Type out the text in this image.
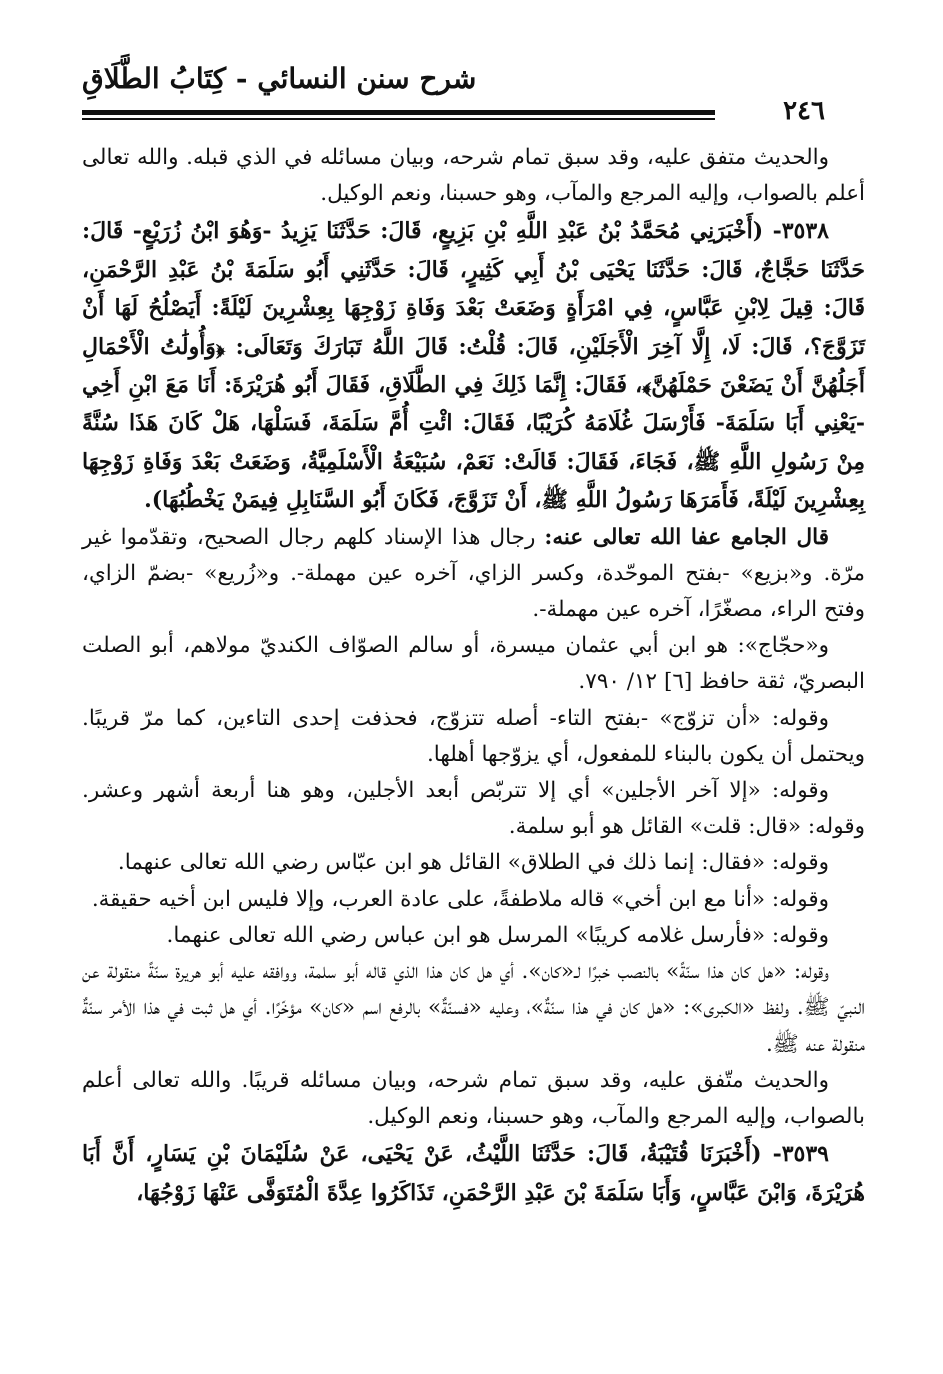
شرح سنن النسائي - كِتَابُ الطَّلَاقِ
٢٤٦

والحديث متفق عليه، وقد سبق تمام شرحه، وبيان مسائله في الذي قبله. والله تعالى أعلم بالصواب، وإليه المرجع والمآب، وهو حسبنا، ونعم الوكيل.

٣٥٣٨- (أَخْبَرَنِي مُحَمَّدُ بْنُ عَبْدِ اللَّهِ بْنِ بَزِيعٍ، قَالَ: حَدَّثَنَا يَزِيدُ -وَهُوَ ابْنُ زُرَيْعٍ- قَالَ: حَدَّثَنَا حَجَّاجٌ، قَالَ: حَدَّثَنَا يَحْيَى بْنُ أَبِي كَثِيرٍ، قَالَ: حَدَّثَنِي أَبُو سَلَمَةَ بْنُ عَبْدِ الرَّحْمَنِ، قَالَ: قِيلَ لِابْنِ عَبَّاسٍ، فِي امْرَأَةٍ وَضَعَتْ بَعْدَ وَفَاةِ زَوْجِهَا بِعِشْرِينَ لَيْلَةً: أَيَصْلُحُ لَهَا أَنْ تَزَوَّجَ؟، قَالَ: لَا، إِلَّا آخِرَ الْأَجَلَيْنِ، قَالَ: قُلْتُ: قَالَ اللَّهُ تَبَارَكَ وَتَعَالَى: ﴿وَأُولَٰتُ الْأَحْمَالِ أَجَلُهُنَّ أَنْ يَضَعْنَ حَمْلَهُنَّ﴾، فَقَالَ: إِنَّمَا ذَلِكَ فِي الطَّلَاقِ، فَقَالَ أَبُو هُرَيْرَةَ: أَنَا مَعَ ابْنِ أَخِي -يَعْنِي أَبَا سَلَمَةَ- فَأَرْسَلَ غُلَامَهُ كُرَيْبًا، فَقَالَ: ائْتِ أُمَّ سَلَمَةَ، فَسَلْهَا، هَلْ كَانَ هَذَا سُنَّةً مِنْ رَسُولِ اللَّهِ ﷺ، فَجَاءَ، فَقَالَ: قَالَتْ: نَعَمْ، سُبَيْعَةُ الْأَسْلَمِيَّةُ، وَضَعَتْ بَعْدَ وَفَاةِ زَوْجِهَا بِعِشْرِينَ لَيْلَةً، فَأَمَرَهَا رَسُولُ اللَّهِ ﷺ، أَنْ تَزَوَّجَ، فَكَانَ أَبُو السَّنَابِلِ فِيمَنْ يَخْطُبُهَا).

قال الجامع عفا الله تعالى عنه: رجال هذا الإسناد كلهم رجال الصحيح، وتقدّموا غير مرّة. و«بزيع» -بفتح الموحّدة، وكسر الزاي، آخره عين مهملة-. و«زُريع» -بضمّ الزاي، وفتح الراء، مصغّرًا، آخره عين مهملة-.

و«حجّاج»: هو ابن أبي عثمان ميسرة، أو سالم الصوّاف الكنديّ مولاهم، أبو الصلت البصريّ، ثقة حافظ [٦] ١٢/ ٧٩٠.

وقوله: «أن تزوّج» -بفتح التاء- أصله تتزوّج، فحذفت إحدى التاءين، كما مرّ قريبًا. ويحتمل أن يكون بالبناء للمفعول، أي يزوّجها أهلها.

وقوله: «إلا آخر الأجلين» أي إلا تتربّص أبعد الأجلين، وهو هنا أربعة أشهر وعشر. وقوله: «قال: قلت» القائل هو أبو سلمة.

وقوله: «فقال: إنما ذلك في الطلاق» القائل هو ابن عبّاس رضي الله تعالى عنهما.

وقوله: «أنا مع ابن أخي» قاله ملاطفةً، على عادة العرب، وإلا فليس ابن أخيه حقيقة.

وقوله: «فأرسل غلامه كريبًا» المرسل هو ابن عباس رضي الله تعالى عنهما.

وقوله: «هل كان هذا سنّةً» بالنصب خبرًا لـ«كان». أي هل كان هذا الذي قاله أبو سلمة، ووافقه عليه أبو هريرة سنّةً منقولة عن النبيّ ﷺ. ولفظ «الكبرى»: «هل كان في هذا سنّةٌ»، وعليه «فسنّةٌ» بالرفع اسم «كان» مؤخّرًا. أي هل ثبت في هذا الأمر سنّةٌ منقولة عنه ﷺ.

والحديث متّفق عليه، وقد سبق تمام شرحه، وبيان مسائله قريبًا. والله تعالى أعلم بالصواب، وإليه المرجع والمآب، وهو حسبنا، ونعم الوكيل.

٣٥٣٩- (أَخْبَرَنَا قُتَيْبَةُ، قَالَ: حَدَّثَنَا اللَّيْثُ، عَنْ يَحْيَى، عَنْ سُلَيْمَانَ بْنِ يَسَارٍ، أَنَّ أَبَا هُرَيْرَةَ، وَابْنَ عَبَّاسٍ، وَأَبَا سَلَمَةَ بْنَ عَبْدِ الرَّحْمَنِ، تَذَاكَرُوا عِدَّةَ الْمُتَوَفَّى عَنْهَا زَوْجُهَا،
